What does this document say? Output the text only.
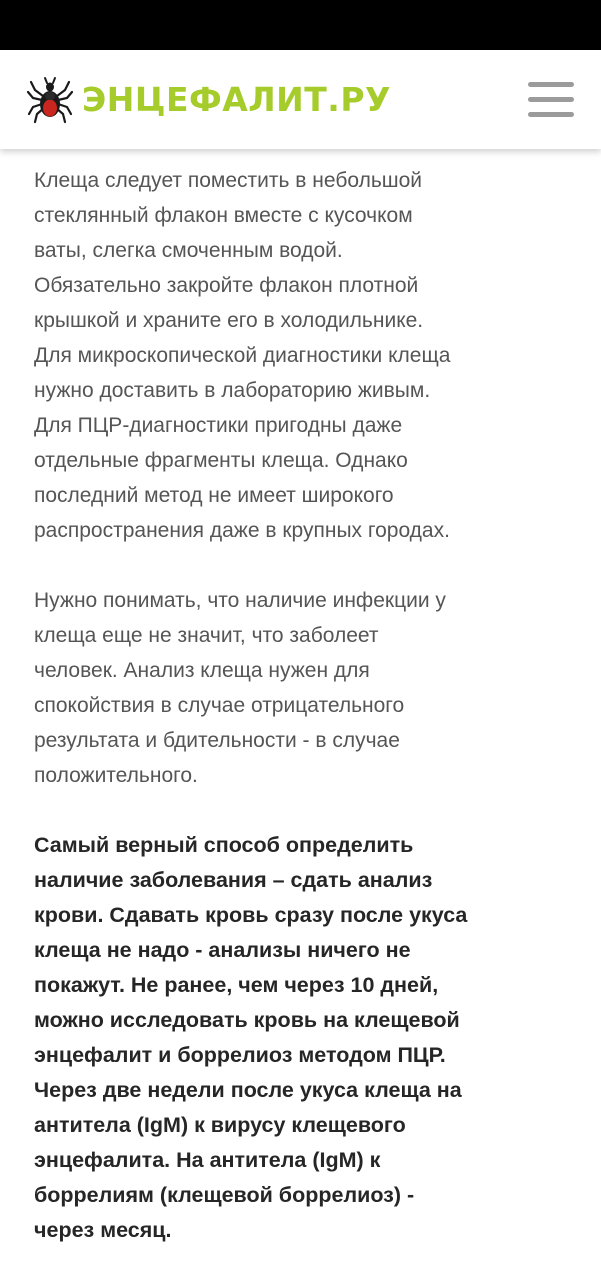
ЭНЦЕФАЛИТ.РУ

Клеща следует поместить в небольшой
стеклянный флакон вместе с кусочком
ваты, слегка смоченным водой.
Обязательно закройте флакон плотной
крышкой и храните его в холодильнике.
Для микроскопической диагностики клеща
нужно доставить в лабораторию живым.
Для ПЦР-диагностики пригодны даже
отдельные фрагменты клеща. Однако
последний метод не имеет широкого
распространения даже в крупных городах.

Нужно понимать, что наличие инфекции у
клеща еще не значит, что заболеет
человек. Анализ клеща нужен для
спокойствия в случае отрицательного
результата и бдительности - в случае
положительного.

Самый верный способ определить
наличие заболевания – сдать анализ
крови. Сдавать кровь сразу после укуса
клеща не надо - анализы ничего не
покажут. Не ранее, чем через 10 дней,
можно исследовать кровь на клещевой
энцефалит и боррелиоз методом ПЦР.
Через две недели после укуса клеща на
антитела (IgM) к вирусу клещевого
энцефалита. На антитела (IgM) к
боррелиям (клещевой боррелиоз) -
через месяц.
